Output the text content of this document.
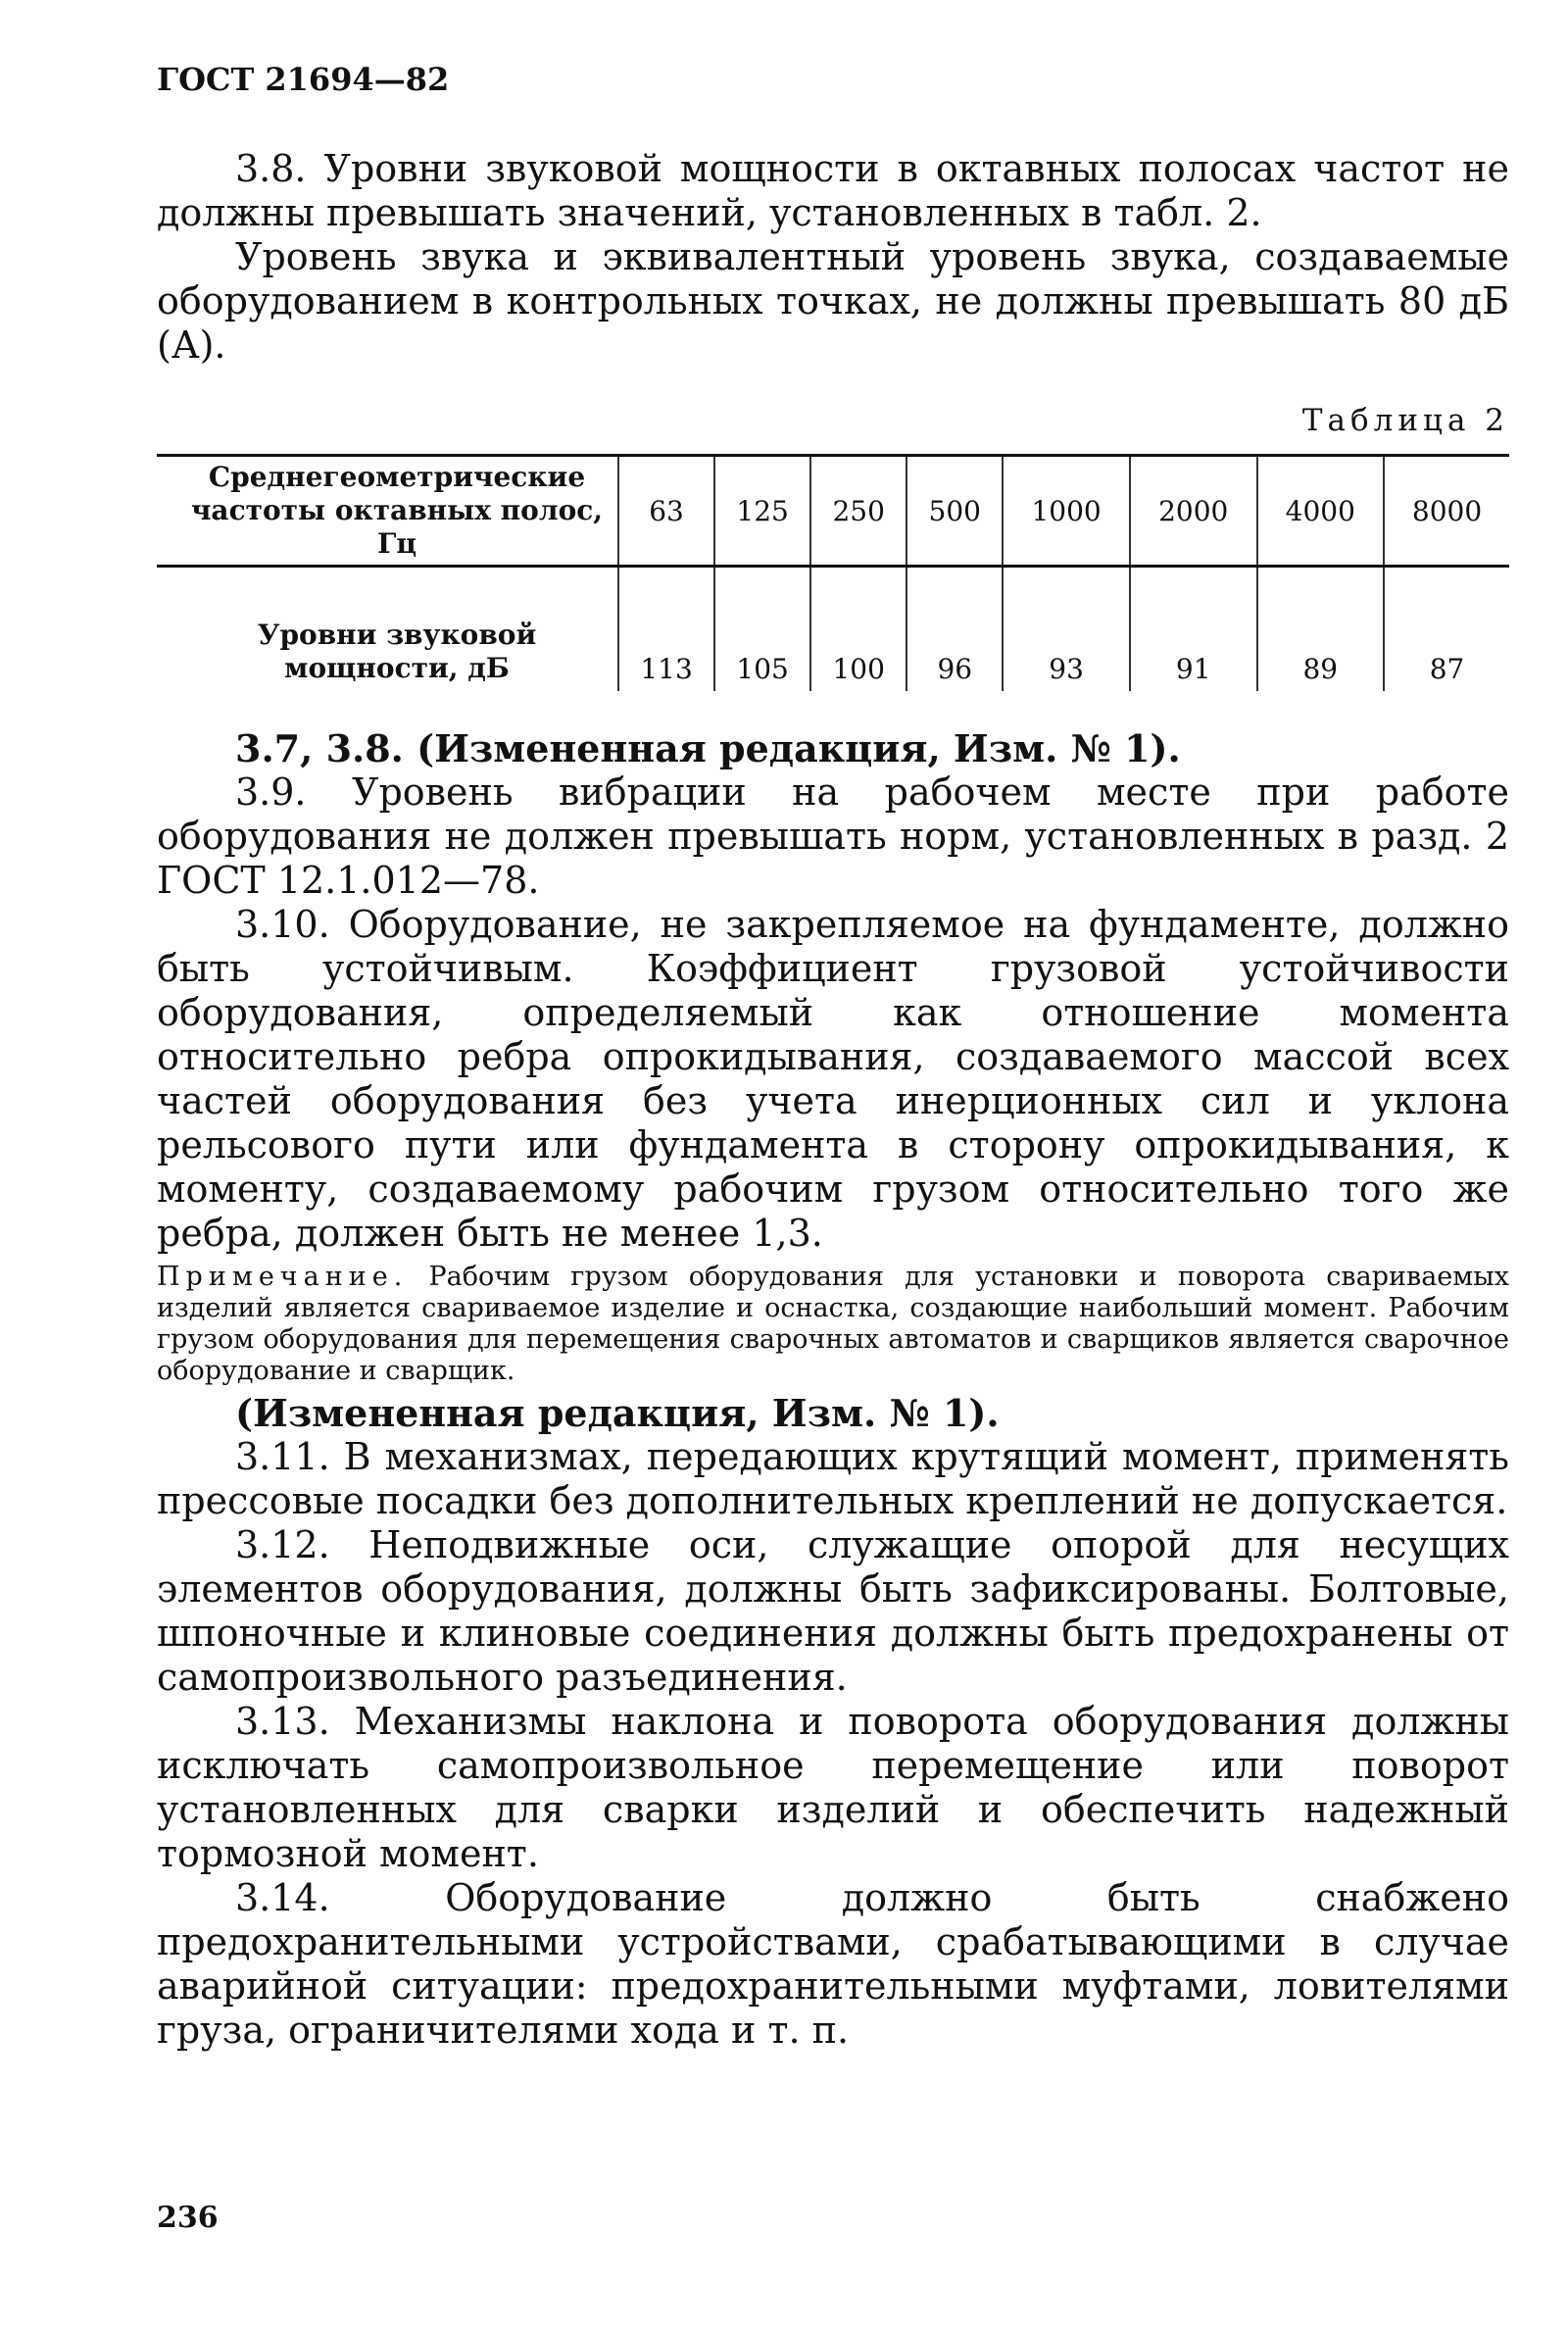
ГОСТ 21694—82

3.8. Уровни звуковой мощности в октавных полосах частот не должны превышать значений, установленных в табл. 2.

Уровень звука и эквивалентный уровень звука, создаваемые оборудованием в контрольных точках, не должны превышать 80 дБ (А).

Таблица 2
Среднегеометрические частоты октавных полос, Гц	63	125	250	500	1000	2000	4000	8000
Уровни звуковой мощности, дБ	113	105	100	96	93	91	89	87

3.7, 3.8. (Измененная редакция, Изм. № 1).

3.9. Уровень вибрации на рабочем месте при работе оборудования не должен превышать норм, установленных в разд. 2 ГОСТ 12.1.012—78.

3.10. Оборудование, не закрепляемое на фундаменте, должно быть устойчивым. Коэффициент грузовой устойчивости оборудования, определяемый как отношение момента относительно ребра опрокидывания, создаваемого массой всех частей оборудования без учета инерционных сил и уклона рельсового пути или фундамента в сторону опрокидывания, к моменту, создаваемому рабочим грузом относительно того же ребра, должен быть не менее 1,3.

Примечание. Рабочим грузом оборудования для установки и поворота свариваемых изделий является свариваемое изделие и оснастка, создающие наибольший момент. Рабочим грузом оборудования для перемещения сварочных автоматов и сварщиков является сварочное оборудование и сварщик.

(Измененная редакция, Изм. № 1).

3.11. В механизмах, передающих крутящий момент, применять прессовые посадки без дополнительных креплений не допускается.

3.12. Неподвижные оси, служащие опорой для несущих элементов оборудования, должны быть зафиксированы. Болтовые, шпоночные и клиновые соединения должны быть предохранены от самопроизвольного разъединения.

3.13. Механизмы наклона и поворота оборудования должны исключать самопроизвольное перемещение или поворот установленных для сварки изделий и обеспечить надежный тормозной момент.

3.14. Оборудование должно быть снабжено предохранительными устройствами, срабатывающими в случае аварийной ситуации: предохранительными муфтами, ловителями груза, ограничителями хода и т. п.

236
